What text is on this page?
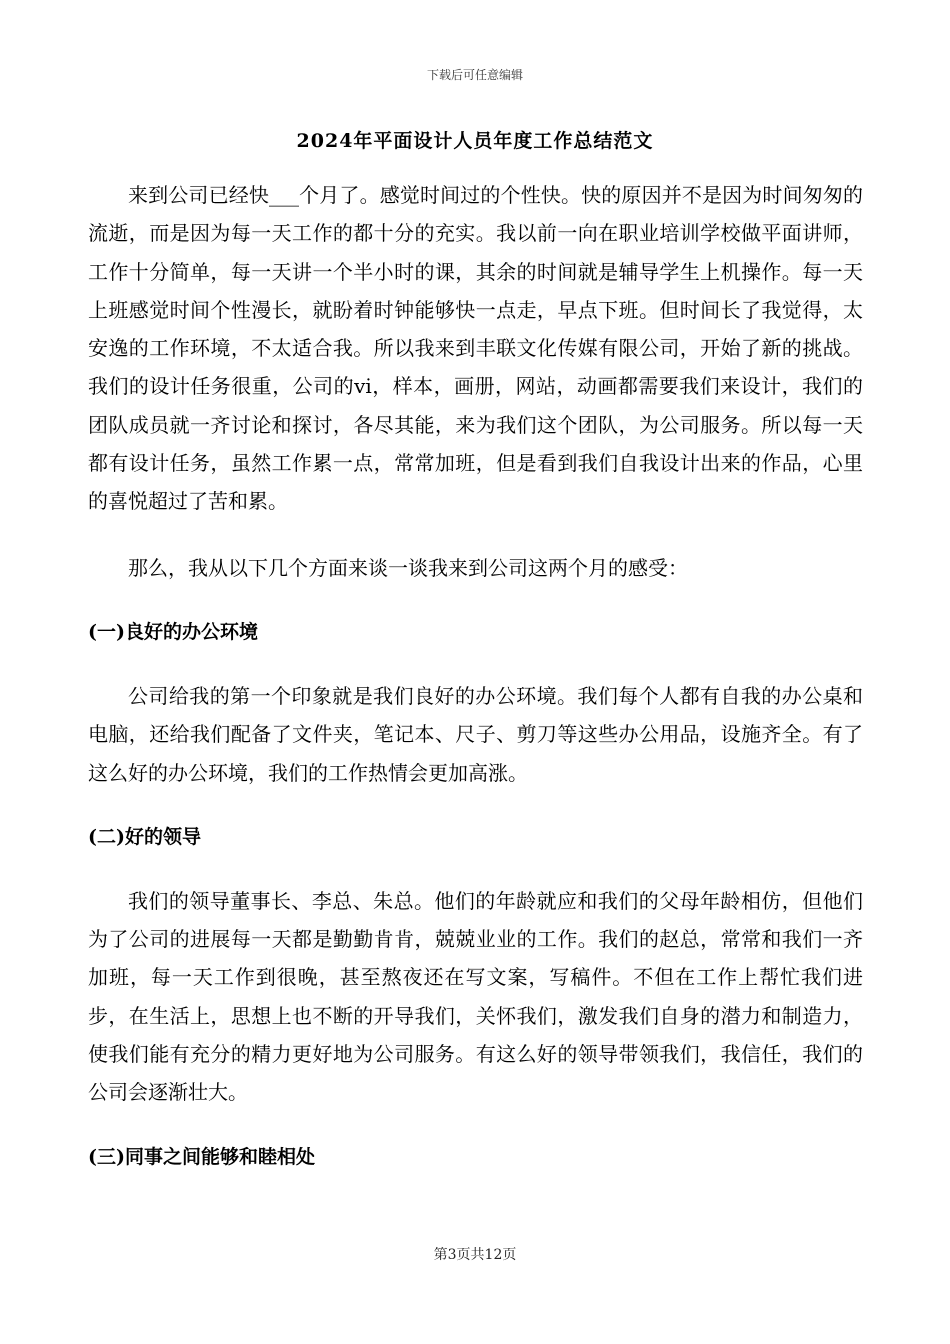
下载后可任意编辑
2024年平面设计人员年度工作总结范文

来到公司已经快___个月了。感觉时间过的个性快。快的原因并不是因为时间匆匆的流逝，而是因为每一天工作的都十分的充实。我以前一向在职业培训学校做平面讲师，工作十分简单，每一天讲一个半小时的课，其余的时间就是辅导学生上机操作。每一天上班感觉时间个性漫长，就盼着时钟能够快一点走，早点下班。但时间长了我觉得，太安逸的工作环境，不太适合我。所以我来到丰联文化传媒有限公司，开始了新的挑战。我们的设计任务很重，公司的vi，样本，画册，网站，动画都需要我们来设计，我们的团队成员就一齐讨论和探讨，各尽其能，来为我们这个团队，为公司服务。所以每一天都有设计任务，虽然工作累一点，常常加班，但是看到我们自我设计出来的作品，心里的喜悦超过了苦和累。

那么，我从以下几个方面来谈一谈我来到公司这两个月的感受：

(一)良好的办公环境

公司给我的第一个印象就是我们良好的办公环境。我们每个人都有自我的办公桌和电脑，还给我们配备了文件夹，笔记本、尺子、剪刀等这些办公用品，设施齐全。有了这么好的办公环境，我们的工作热情会更加高涨。

(二)好的领导

我们的领导董事长、李总、朱总。他们的年龄就应和我们的父母年龄相仿，但他们为了公司的进展每一天都是勤勤肯肯，兢兢业业的工作。我们的赵总，常常和我们一齐加班，每一天工作到很晚，甚至熬夜还在写文案，写稿件。不但在工作上帮忙我们进步，在生活上，思想上也不断的开导我们，关怀我们，激发我们自身的潜力和制造力，使我们能有充分的精力更好地为公司服务。有这么好的领导带领我们，我信任，我们的公司会逐渐壮大。

(三)同事之间能够和睦相处

第3页共12页
